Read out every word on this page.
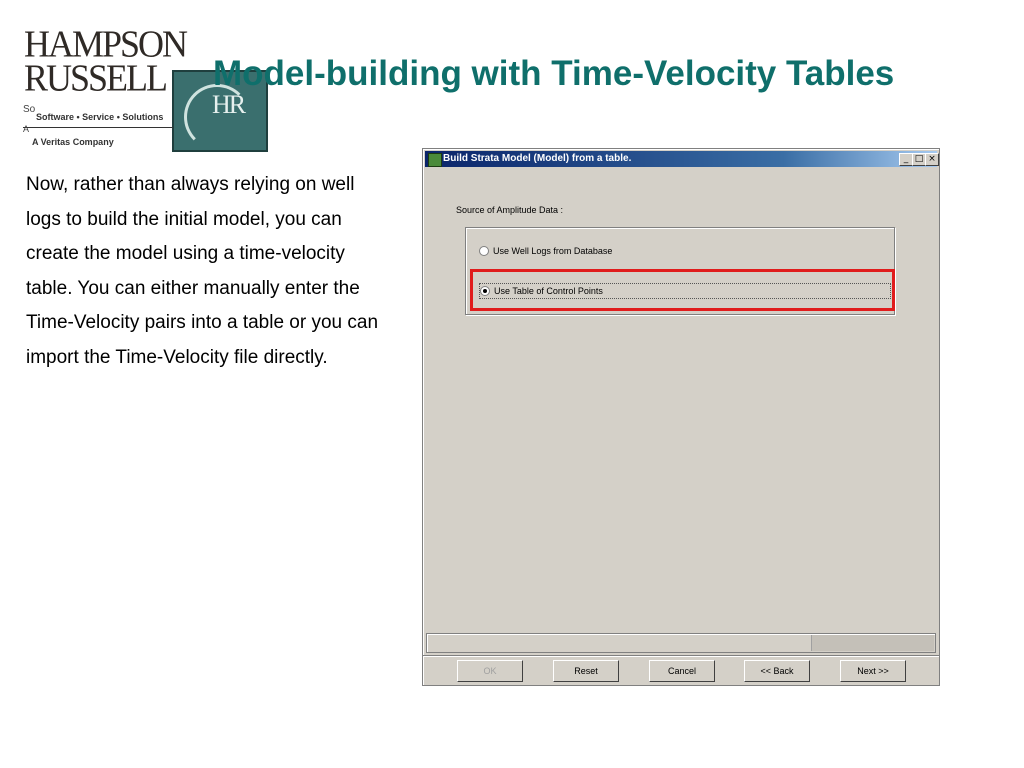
HAMPSON
RUSSELL
HR
So
Software • Service • Solutions
A
A Veritas Company
Model-building with Time-Velocity Tables
Now, rather than always relying on well logs to build the initial model, you can create the model using a time-velocity table. You can either manually enter the Time-Velocity pairs into a table or you can import the Time-Velocity file directly.
Build Strata Model (Model) from a table.	_ □ ×
Source of Amplitude Data :
Use Well Logs from Database
Use Table of Control Points
OK	Reset	Cancel	<< Back	Next >>
